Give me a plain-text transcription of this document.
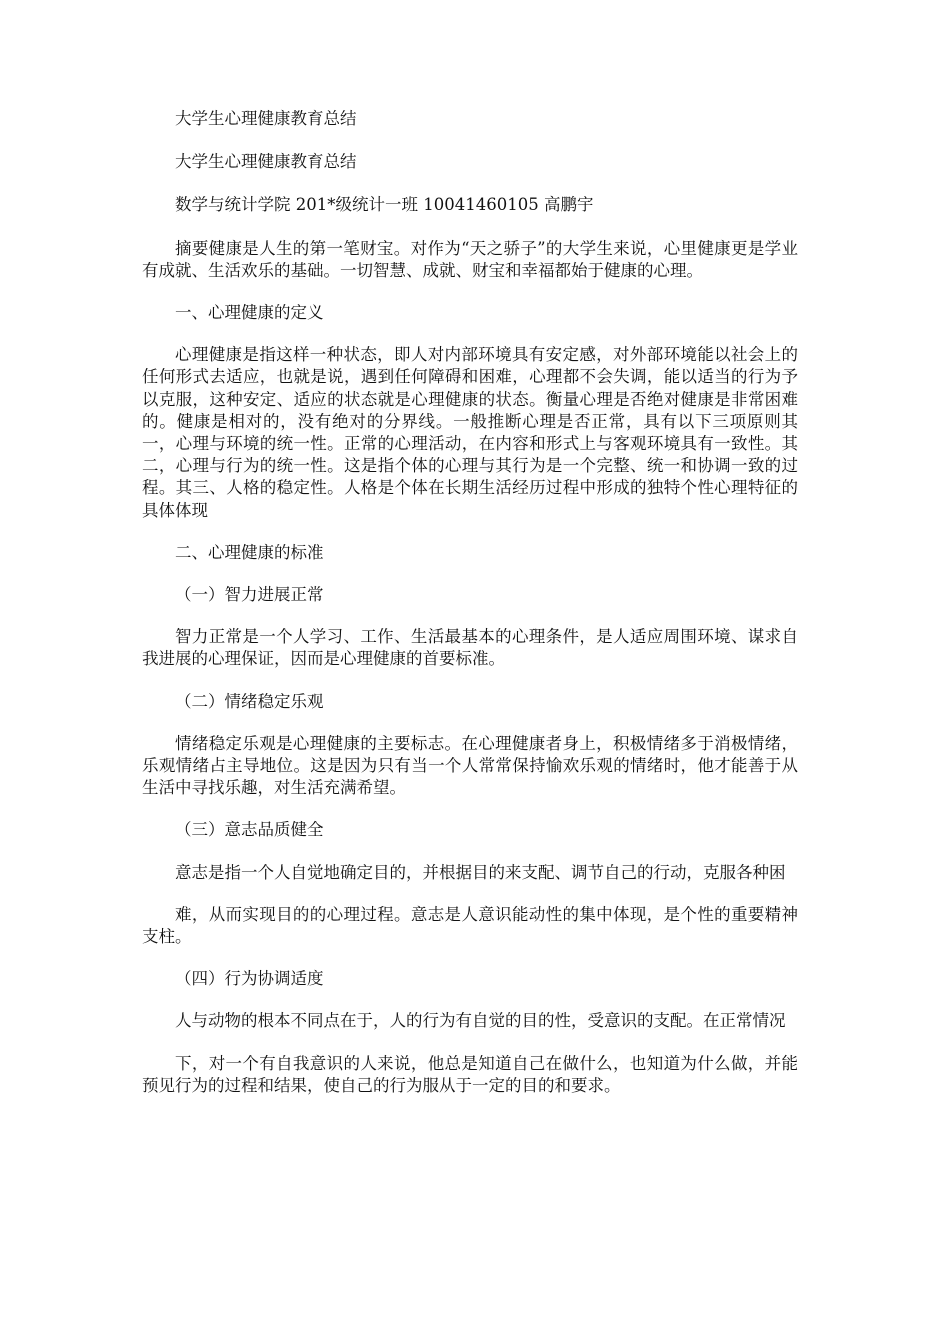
大学生心理健康教育总结

大学生心理健康教育总结

数学与统计学院 201*级统计一班 10041460105 高鹏宇

摘要健康是人生的第一笔财宝。对作为“天之骄子”的大学生来说，心里健康更是学业有成就、生活欢乐的基础。一切智慧、成就、财宝和幸福都始于健康的心理。

一、心理健康的定义

心理健康是指这样一种状态，即人对内部环境具有安定感，对外部环境能以社会上的任何形式去适应，也就是说，遇到任何障碍和困难，心理都不会失调，能以适当的行为予以克服，这种安定、适应的状态就是心理健康的状态。衡量心理是否绝对健康是非常困难的。健康是相对的，没有绝对的分界线。一般推断心理是否正常，具有以下三项原则其一，心理与环境的统一性。正常的心理活动，在内容和形式上与客观环境具有一致性。其二，心理与行为的统一性。这是指个体的心理与其行为是一个完整、统一和协调一致的过程。其三、人格的稳定性。人格是个体在长期生活经历过程中形成的独特个性心理特征的具体体现

二、心理健康的标准

（一）智力进展正常

智力正常是一个人学习、工作、生活最基本的心理条件，是人适应周围环境、谋求自我进展的心理保证，因而是心理健康的首要标准。

（二）情绪稳定乐观

情绪稳定乐观是心理健康的主要标志。在心理健康者身上，积极情绪多于消极情绪，乐观情绪占主导地位。这是因为只有当一个人常常保持愉欢乐观的情绪时，他才能善于从生活中寻找乐趣，对生活充满希望。

（三）意志品质健全

意志是指一个人自觉地确定目的，并根据目的来支配、调节自己的行动，克服各种困

难，从而实现目的的心理过程。意志是人意识能动性的集中体现，是个性的重要精神支柱。

（四）行为协调适度

人与动物的根本不同点在于，人的行为有自觉的目的性，受意识的支配。在正常情况

下，对一个有自我意识的人来说，他总是知道自己在做什么，也知道为什么做，并能预见行为的过程和结果，使自己的行为服从于一定的目的和要求。
